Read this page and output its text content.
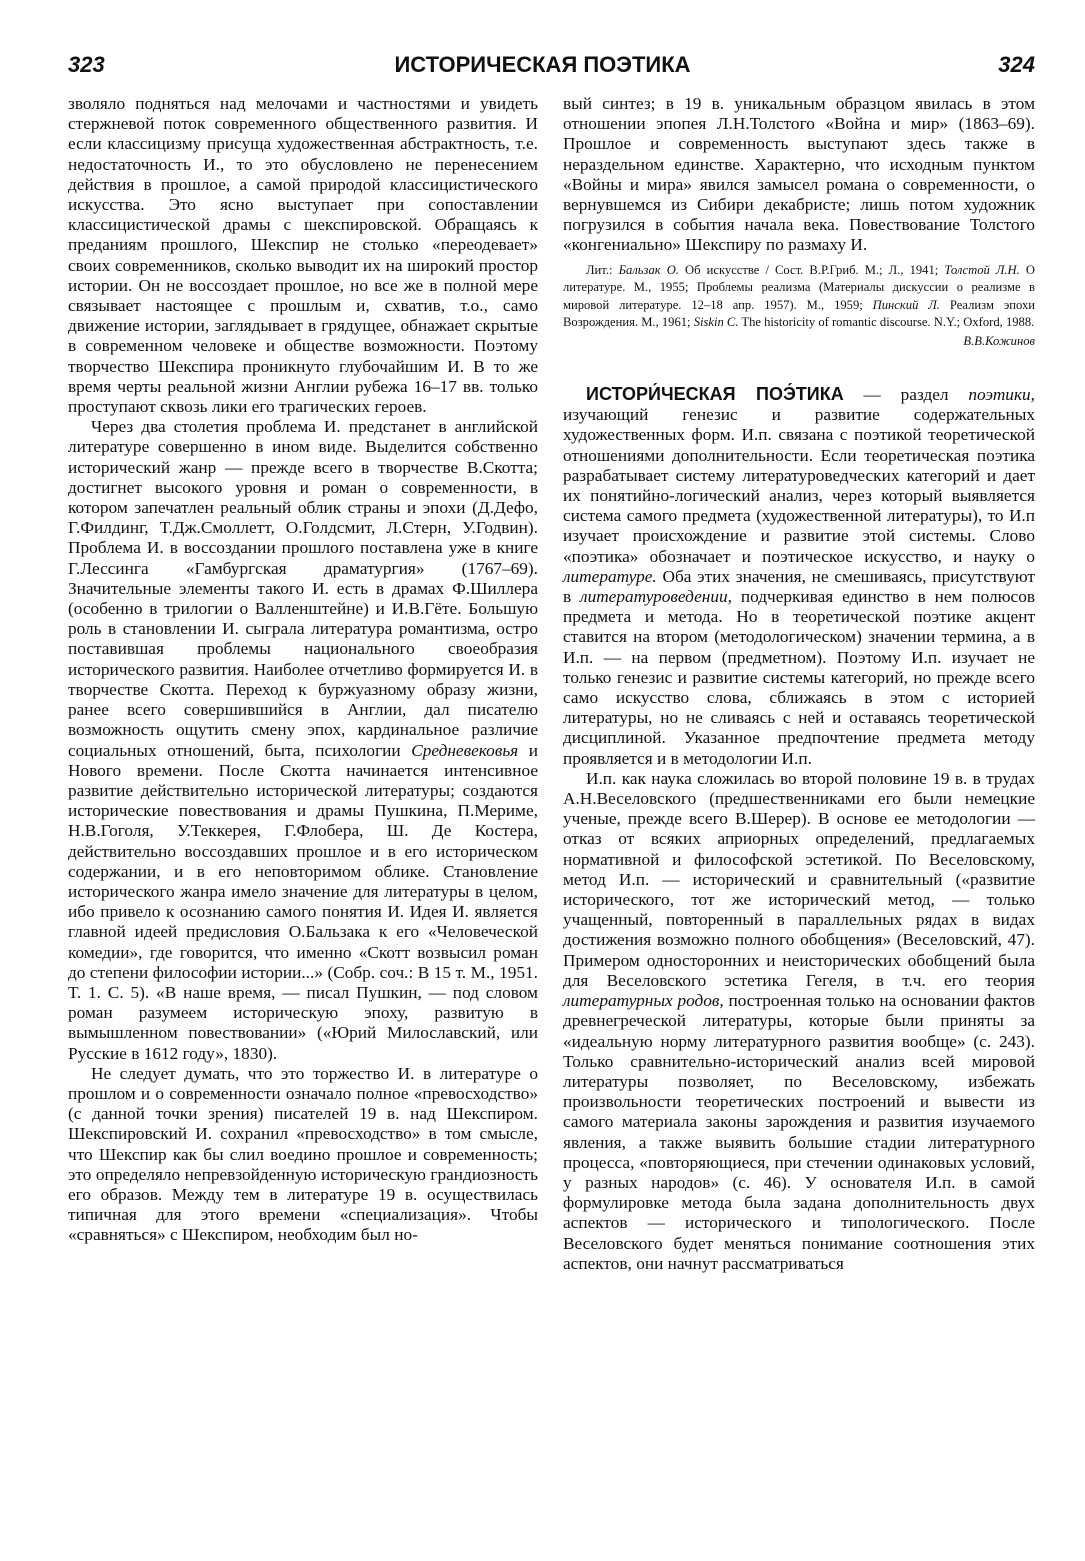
323	ИСТОРИЧЕСКАЯ ПОЭТИКА	324

зволяло подняться над мелочами и частностями и увидеть стержневой поток современного общественного развития. И если классицизму присуща художественная абстрактность, т.е. недостаточность И., то это обусловлено не перенесением действия в прошлое, а самой природой классицистического искусства. Это ясно выступает при сопоставлении классицистической драмы с шекспировской. Обращаясь к преданиям прошлого, Шекспир не столько «переодевает» своих современников, сколько выводит их на широкий простор истории. Он не воссоздает прошлое, но все же в полной мере связывает настоящее с прошлым и, схватив, т.о., само движение истории, заглядывает в грядущее, обнажает скрытые в современном человеке и обществе возможности. Поэтому творчество Шекспира проникнуто глубочайшим И. В то же время черты реальной жизни Англии рубежа 16–17 вв. только проступают сквозь лики его трагических героев.

Через два столетия проблема И. предстанет в английской литературе совершенно в ином виде. Выделится собственно исторический жанр — прежде всего в творчестве В.Скотта; достигнет высокого уровня и роман о современности, в котором запечатлен реальный облик страны и эпохи (Д.Дефо, Г.Филдинг, Т.Дж.Смоллетт, О.Голдсмит, Л.Стерн, У.Годвин). Проблема И. в воссоздании прошлого поставлена уже в книге Г.Лессинга «Гамбургская драматургия» (1767–69). Значительные элементы такого И. есть в драмах Ф.Шиллера (особенно в трилогии о Валленштейне) и И.В.Гёте. Большую роль в становлении И. сыграла литература романтизма, остро поставившая проблемы национального своеобразия исторического развития. Наиболее отчетливо формируется И. в творчестве Скотта. Переход к буржуазному образу жизни, ранее всего совершившийся в Англии, дал писателю возможность ощутить смену эпох, кардинальное различие социальных отношений, быта, психологии Средневековья и Нового времени. После Скотта начинается интенсивное развитие действительно исторической литературы; создаются исторические повествования и драмы Пушкина, П.Мериме, Н.В.Гоголя, У.Теккерея, Г.Флобера, Ш. Де Костера, действительно воссоздавших прошлое и в его историческом содержании, и в его неповторимом облике. Становление исторического жанра имело значение для литературы в целом, ибо привело к осознанию самого понятия И. Идея И. является главной идеей предисловия О.Бальзака к его «Человеческой комедии», где говорится, что именно «Скотт возвысил роман до степени философии истории...» (Собр. соч.: В 15 т. М., 1951. Т. 1. С. 5). «В наше время, — писал Пушкин, — под словом роман разумеем историческую эпоху, развитую в вымышленном повествовании» («Юрий Милославский, или Русские в 1612 году», 1830).

Не следует думать, что это торжество И. в литературе о прошлом и о современности означало полное «превосходство» (с данной точки зрения) писателей 19 в. над Шекспиром. Шекспировский И. сохранил «превосходство» в том смысле, что Шекспир как бы слил воедино прошлое и современность; это определяло непревзойденную историческую грандиозность его образов. Между тем в литературе 19 в. осуществилась типичная для этого времени «специализация». Чтобы «сравняться» с Шекспиром, необходим был но-

вый синтез; в 19 в. уникальным образцом явилась в этом отношении эпопея Л.Н.Толстого «Война и мир» (1863–69). Прошлое и современность выступают здесь также в нераздельном единстве. Характерно, что исходным пунктом «Войны и мира» явился замысел романа о современности, о вернувшемся из Сибири декабристе; лишь потом художник погрузился в события начала века. Повествование Толстого «конгениально» Шекспиру по размаху И.

Лит.: Бальзак О. Об искусстве / Сост. В.Р.Гриб. М.; Л., 1941; Толстой Л.Н. О литературе. М., 1955; Проблемы реализма (Материалы дискуссии о реализме в мировой литературе. 12–18 апр. 1957). М., 1959; Пинский Л. Реализм эпохи Возрождения. М., 1961; Siskin C. The historicity of romantic discourse. N.Y.; Oxford, 1988.

В.В.Кожинов

ИСТОРИ́ЧЕСКАЯ ПОЭ́ТИКА — раздел поэтики, изучающий генезис и развитие содержательных художественных форм. И.п. связана с поэтикой теоретической отношениями дополнительности. Если теоретическая поэтика разрабатывает систему литературоведческих категорий и дает их понятийно-логический анализ, через который выявляется система самого предмета (художественной литературы), то И.п изучает происхождение и развитие этой системы. Слово «поэтика» обозначает и поэтическое искусство, и науку о литературе. Оба этих значения, не смешиваясь, присутствуют в литературоведении, подчеркивая единство в нем полюсов предмета и метода. Но в теоретической поэтике акцент ставится на втором (методологическом) значении термина, а в И.п. — на первом (предметном). Поэтому И.п. изучает не только генезис и развитие системы категорий, но прежде всего само искусство слова, сближаясь в этом с историей литературы, но не сливаясь с ней и оставаясь теоретической дисциплиной. Указанное предпочтение предмета методу проявляется и в методологии И.п.

И.п. как наука сложилась во второй половине 19 в. в трудах А.Н.Веселовского (предшественниками его были немецкие ученые, прежде всего В.Шерер). В основе ее методологии — отказ от всяких априорных определений, предлагаемых нормативной и философской эстетикой. По Веселовскому, метод И.п. — исторический и сравнительный («развитие исторического, тот же исторический метод, — только учащенный, повторенный в параллельных рядах в видах достижения возможно полного обобщения» (Веселовский, 47). Примером односторонних и неисторических обобщений была для Веселовского эстетика Гегеля, в т.ч. его теория литературных родов, построенная только на основании фактов древнегреческой литературы, которые были приняты за «идеальную норму литературного развития вообще» (с. 243). Только сравнительно-исторический анализ всей мировой литературы позволяет, по Веселовскому, избежать произвольности теоретических построений и вывести из самого материала законы зарождения и развития изучаемого явления, а также выявить большие стадии литературного процесса, «повторяющиеся, при стечении одинаковых условий, у разных народов» (с. 46). У основателя И.п. в самой формулировке метода была задана дополнительность двух аспектов — исторического и типологического. После Веселовского будет меняться понимание соотношения этих аспектов, они начнут рассматриваться
